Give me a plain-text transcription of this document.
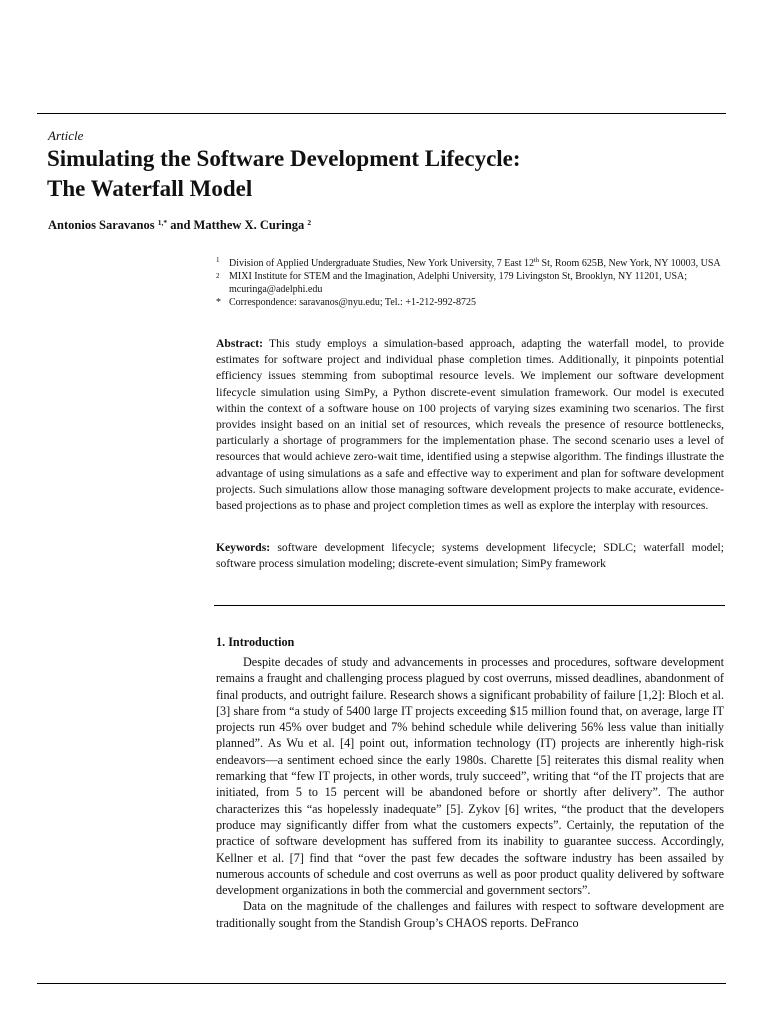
Article
Simulating the Software Development Lifecycle:
The Waterfall Model
Antonios Saravanos $^{1,*}$ and Matthew X. Curinga $^2$
1 Division of Applied Undergraduate Studies, New York University, 7 East 12th St, Room 625B, New York, NY 10003, USA
2 MIXI Institute for STEM and the Imagination, Adelphi University, 179 Livingston St, Brooklyn, NY 11201, USA; mcuringa@adelphi.edu
* Correspondence: saravanos@nyu.edu; Tel.: +1-212-992-8725
Abstract: This study employs a simulation-based approach, adapting the waterfall model, to provide estimates for software project and individual phase completion times. Additionally, it pinpoints potential efficiency issues stemming from suboptimal resource levels. We implement our software development lifecycle simulation using SimPy, a Python discrete-event simulation framework. Our model is executed within the context of a software house on 100 projects of varying sizes examining two scenarios. The first provides insight based on an initial set of resources, which reveals the presence of resource bottlenecks, particularly a shortage of programmers for the implementation phase. The second scenario uses a level of resources that would achieve zero-wait time, identified using a stepwise algorithm. The findings illustrate the advantage of using simulations as a safe and effective way to experiment and plan for software development projects. Such simulations allow those managing software development projects to make accurate, evidence-based projections as to phase and project completion times as well as explore the interplay with resources.
Keywords: software development lifecycle; systems development lifecycle; SDLC; waterfall model; software process simulation modeling; discrete-event simulation; SimPy framework
1. Introduction

Despite decades of study and advancements in processes and procedures, software development remains a fraught and challenging process plagued by cost overruns, missed deadlines, abandonment of final products, and outright failure. Research shows a significant probability of failure [1,2]: Bloch et al. [3] share from “a study of 5400 large IT projects exceeding $15 million found that, on average, large IT projects run 45% over budget and 7% behind schedule while delivering 56% less value than initially planned”. As Wu et al. [4] point out, information technology (IT) projects are inherently high-risk endeavors—a sentiment echoed since the early 1980s. Charette [5] reiterates this dismal reality when remarking that “few IT projects, in other words, truly succeed”, writing that “of the IT projects that are initiated, from 5 to 15 percent will be abandoned before or shortly after delivery”. The author characterizes this “as hopelessly inadequate” [5]. Zykov [6] writes, “the product that the developers produce may significantly differ from what the customers expects”. Certainly, the reputation of the practice of software development has suffered from its inability to guarantee success. Accordingly, Kellner et al. [7] find that “over the past few decades the software industry has been assailed by numerous accounts of schedule and cost overruns as well as poor product quality delivered by software development organizations in both the commercial and government sectors”.

Data on the magnitude of the challenges and failures with respect to software development are traditionally sought from the Standish Group’s CHAOS reports. DeFranco
